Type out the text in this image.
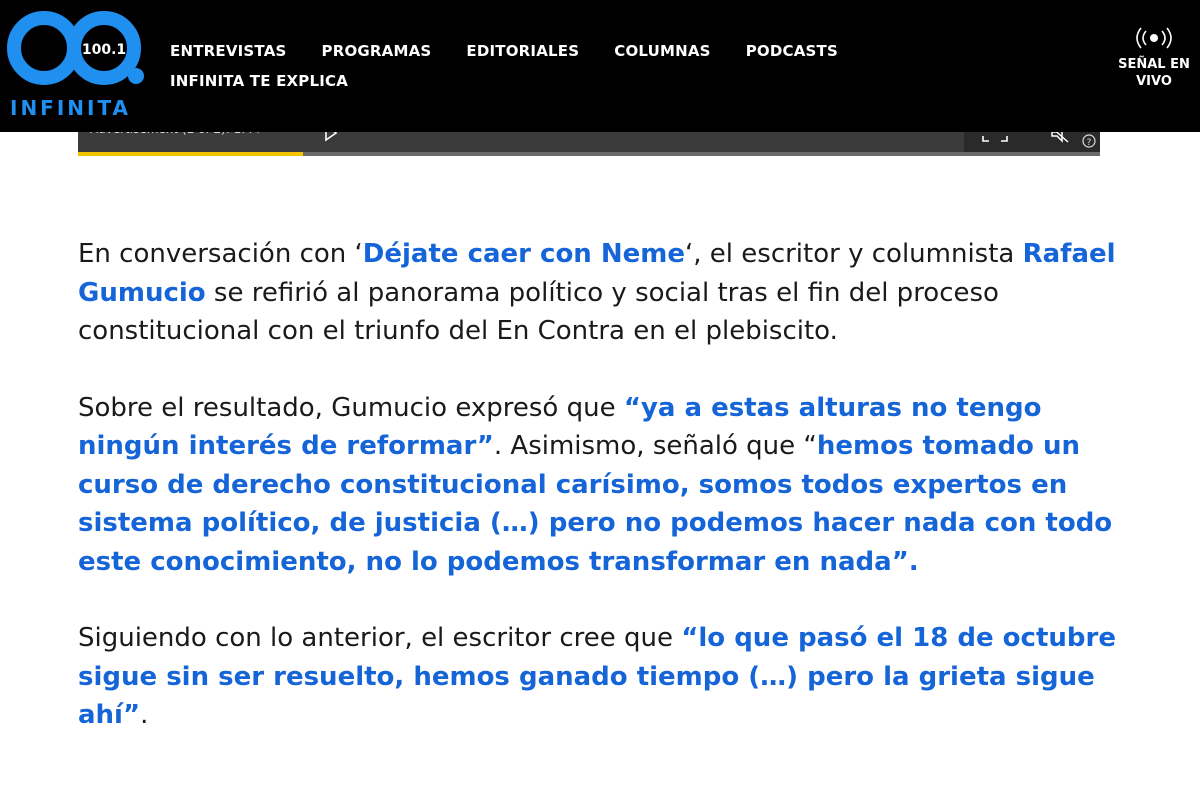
100.1
INFINITA
ENTREVISTAS PROGRAMAS EDITORIALES COLUMNAS PODCASTS
INFINITA TE EXPLICA
SEÑAL EN VIVO
?

En conversación con ‘Déjate caer con Neme‘, el escritor y columnista Rafael Gumucio se refirió al panorama político y social tras el fin del proceso constitucional con el triunfo del En Contra en el plebiscito.

Sobre el resultado, Gumucio expresó que “ya a estas alturas no tengo ningún interés de reformar”. Asimismo, señaló que “hemos tomado un curso de derecho constitucional carísimo, somos todos expertos en sistema político, de justicia (…) pero no podemos hacer nada con todo este conocimiento, no lo podemos transformar en nada”.

Siguiendo con lo anterior, el escritor cree que “lo que pasó el 18 de octubre sigue sin ser resuelto, hemos ganado tiempo (…) pero la grieta sigue ahí”.
